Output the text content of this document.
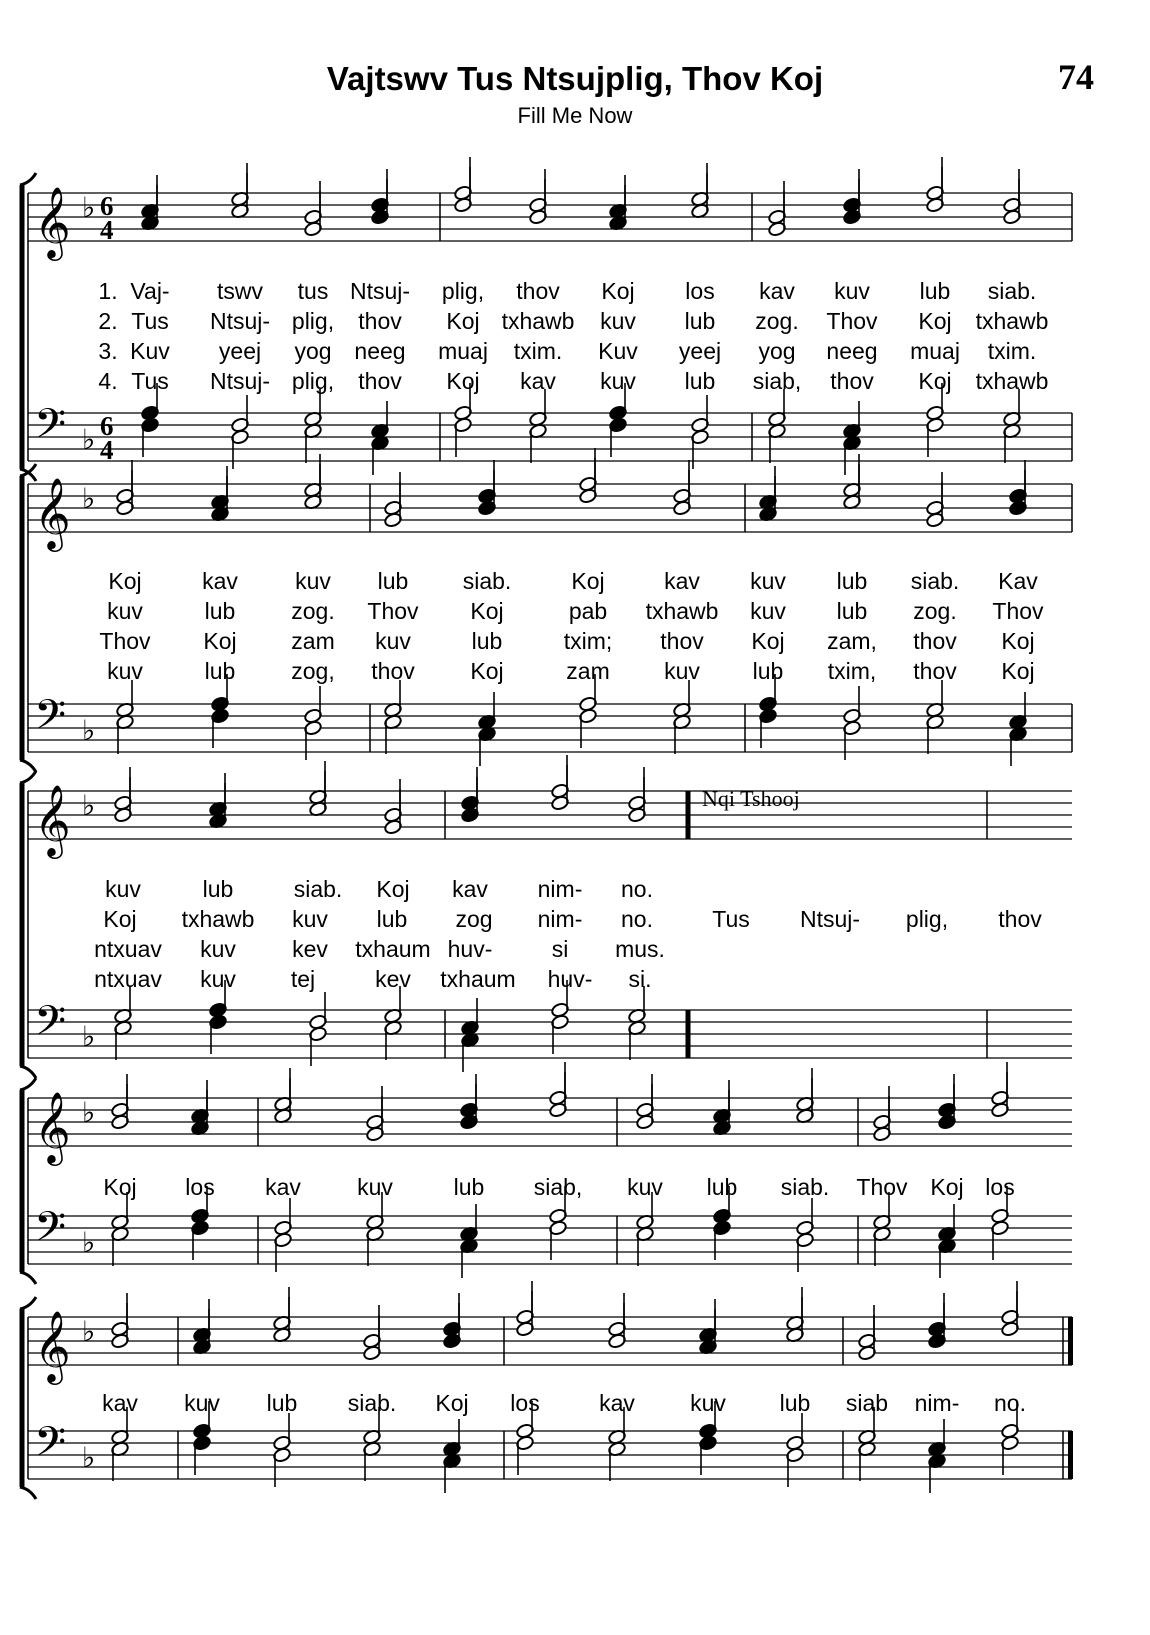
Vajtswv Tus Ntsujplig, Thov Koj
Fill Me Now
74
𝄞
𝄢
♭
♭
6
4
6
4
𝄞
𝄢
♭
♭
𝄞
𝄢
♭
♭
𝄞
𝄢
♭
♭
𝄞
𝄢
♭
♭
1. Vaj- tswv tus Ntsuj- plig, thov Koj los kav kuv lub siab.
2. Tus Ntsuj- plig, thov Koj txhawb kuv lub zog. Thov Koj txhawb
3. Kuv yeej yog neeg muaj txim. Kuv yeej yog neeg muaj txim.
4. Tus Ntsuj- plig, thov Koj kav kuv lub siab, thov Koj txhawb
Koj	kav kuv lub siab.	Koj	kav kuv lub siab. Kav
kuv	lub zog. Thov Koj	pab txhawb kuv lub zog. Thov
Thov Koj zam kuv	lub	txim; thov Koj zam, thov Koj
kuv	lub zog, thov Koj	zam kuv lub txim, thov Koj
kuv	lub	siab. Koj kav nim- no.
Koj txhawb kuv lub zog nim- no.	Tus Ntsuj- plig, thov
ntxuav kuv kev txhaum huv-	si mus.
ntxuav kuv tej	kev txhaum huv- si.
Koj los kav kuv	lub siab, kuv lub siab. Thov Koj los
kav kuv lub siab. Koj los	kav kuv lub siab nim- no.
Nqi Tshooj
